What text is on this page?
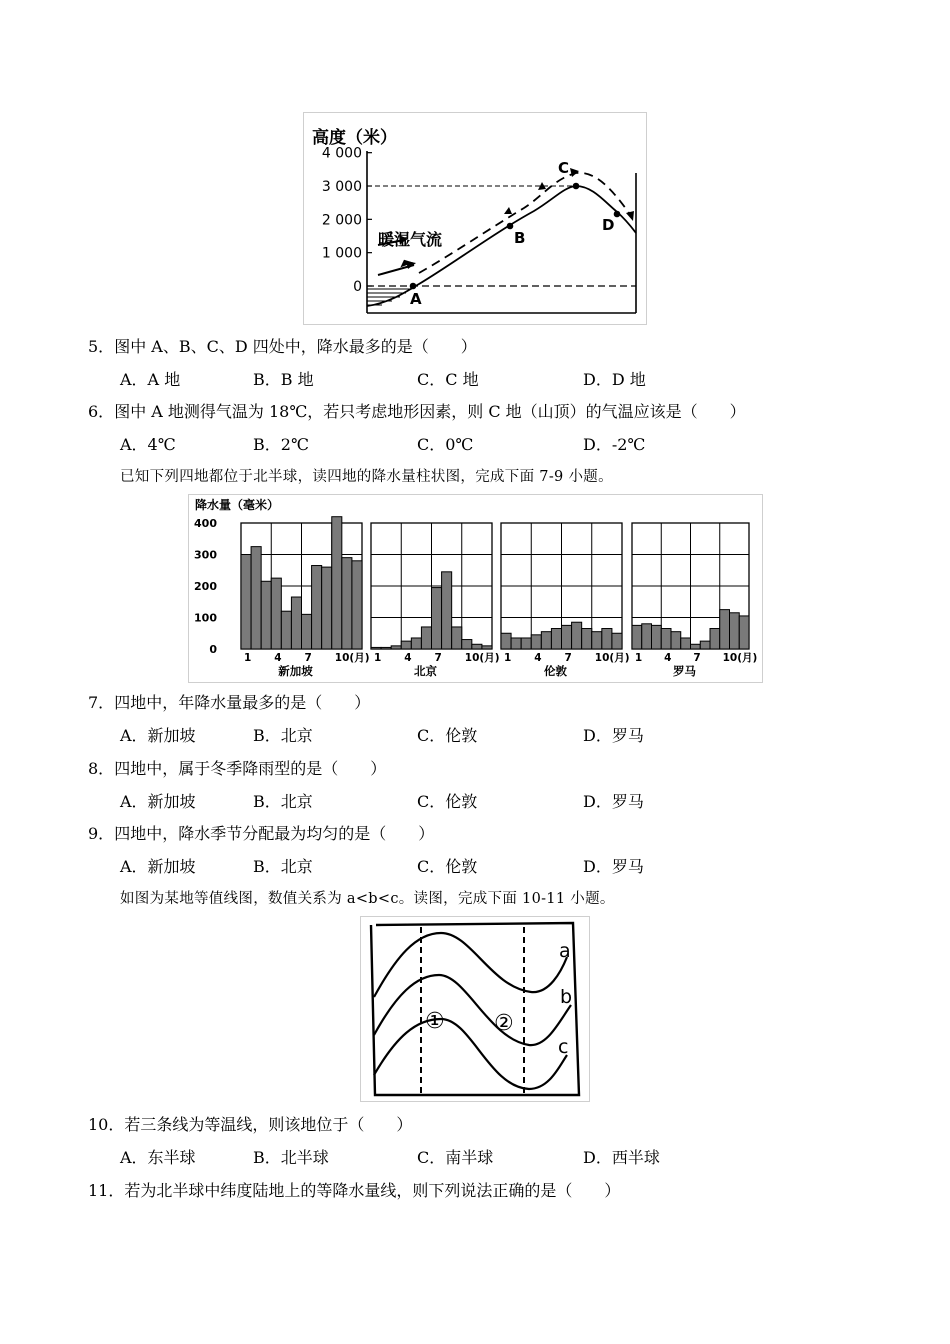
高度（米）
4 000
3 000
2 000
1 000
0
暖湿气流
A
B
C
D
5．图中 A、B、C、D 四处中，降水最多的是（　　）
A．A 地	B．B 地	C．C 地	D．D 地
6．图中 A 地测得气温为 18℃，若只考虑地形因素，则 C 地（山顶）的气温应该是（　　）
A．4℃	B．2℃	C．0℃	D．-2℃
已知下列四地都位于北半球，读四地的降水量柱状图，完成下面 7-9 小题。
降水量（毫米）
400
300
200
100
0
1 4 7 10(月)
新加坡
1 4 7 10(月)
北京
1 4 7 10(月)
伦敦
1 4 7 10(月)
罗马
7．四地中，年降水量最多的是（　　）
A．新加坡	B．北京	C．伦敦	D．罗马
8．四地中，属于冬季降雨型的是（　　）
A．新加坡	B．北京	C．伦敦	D．罗马
9．四地中，降水季节分配最为均匀的是（　　）
A．新加坡	B．北京	C．伦敦	D．罗马
如图为某地等值线图，数值关系为 a<b<c。读图，完成下面 10-11 小题。
a
b
c
① ②
10．若三条线为等温线，则该地位于（　　）
A．东半球	B．北半球	C．南半球	D．西半球
11．若为北半球中纬度陆地上的等降水量线，则下列说法正确的是（　　）
